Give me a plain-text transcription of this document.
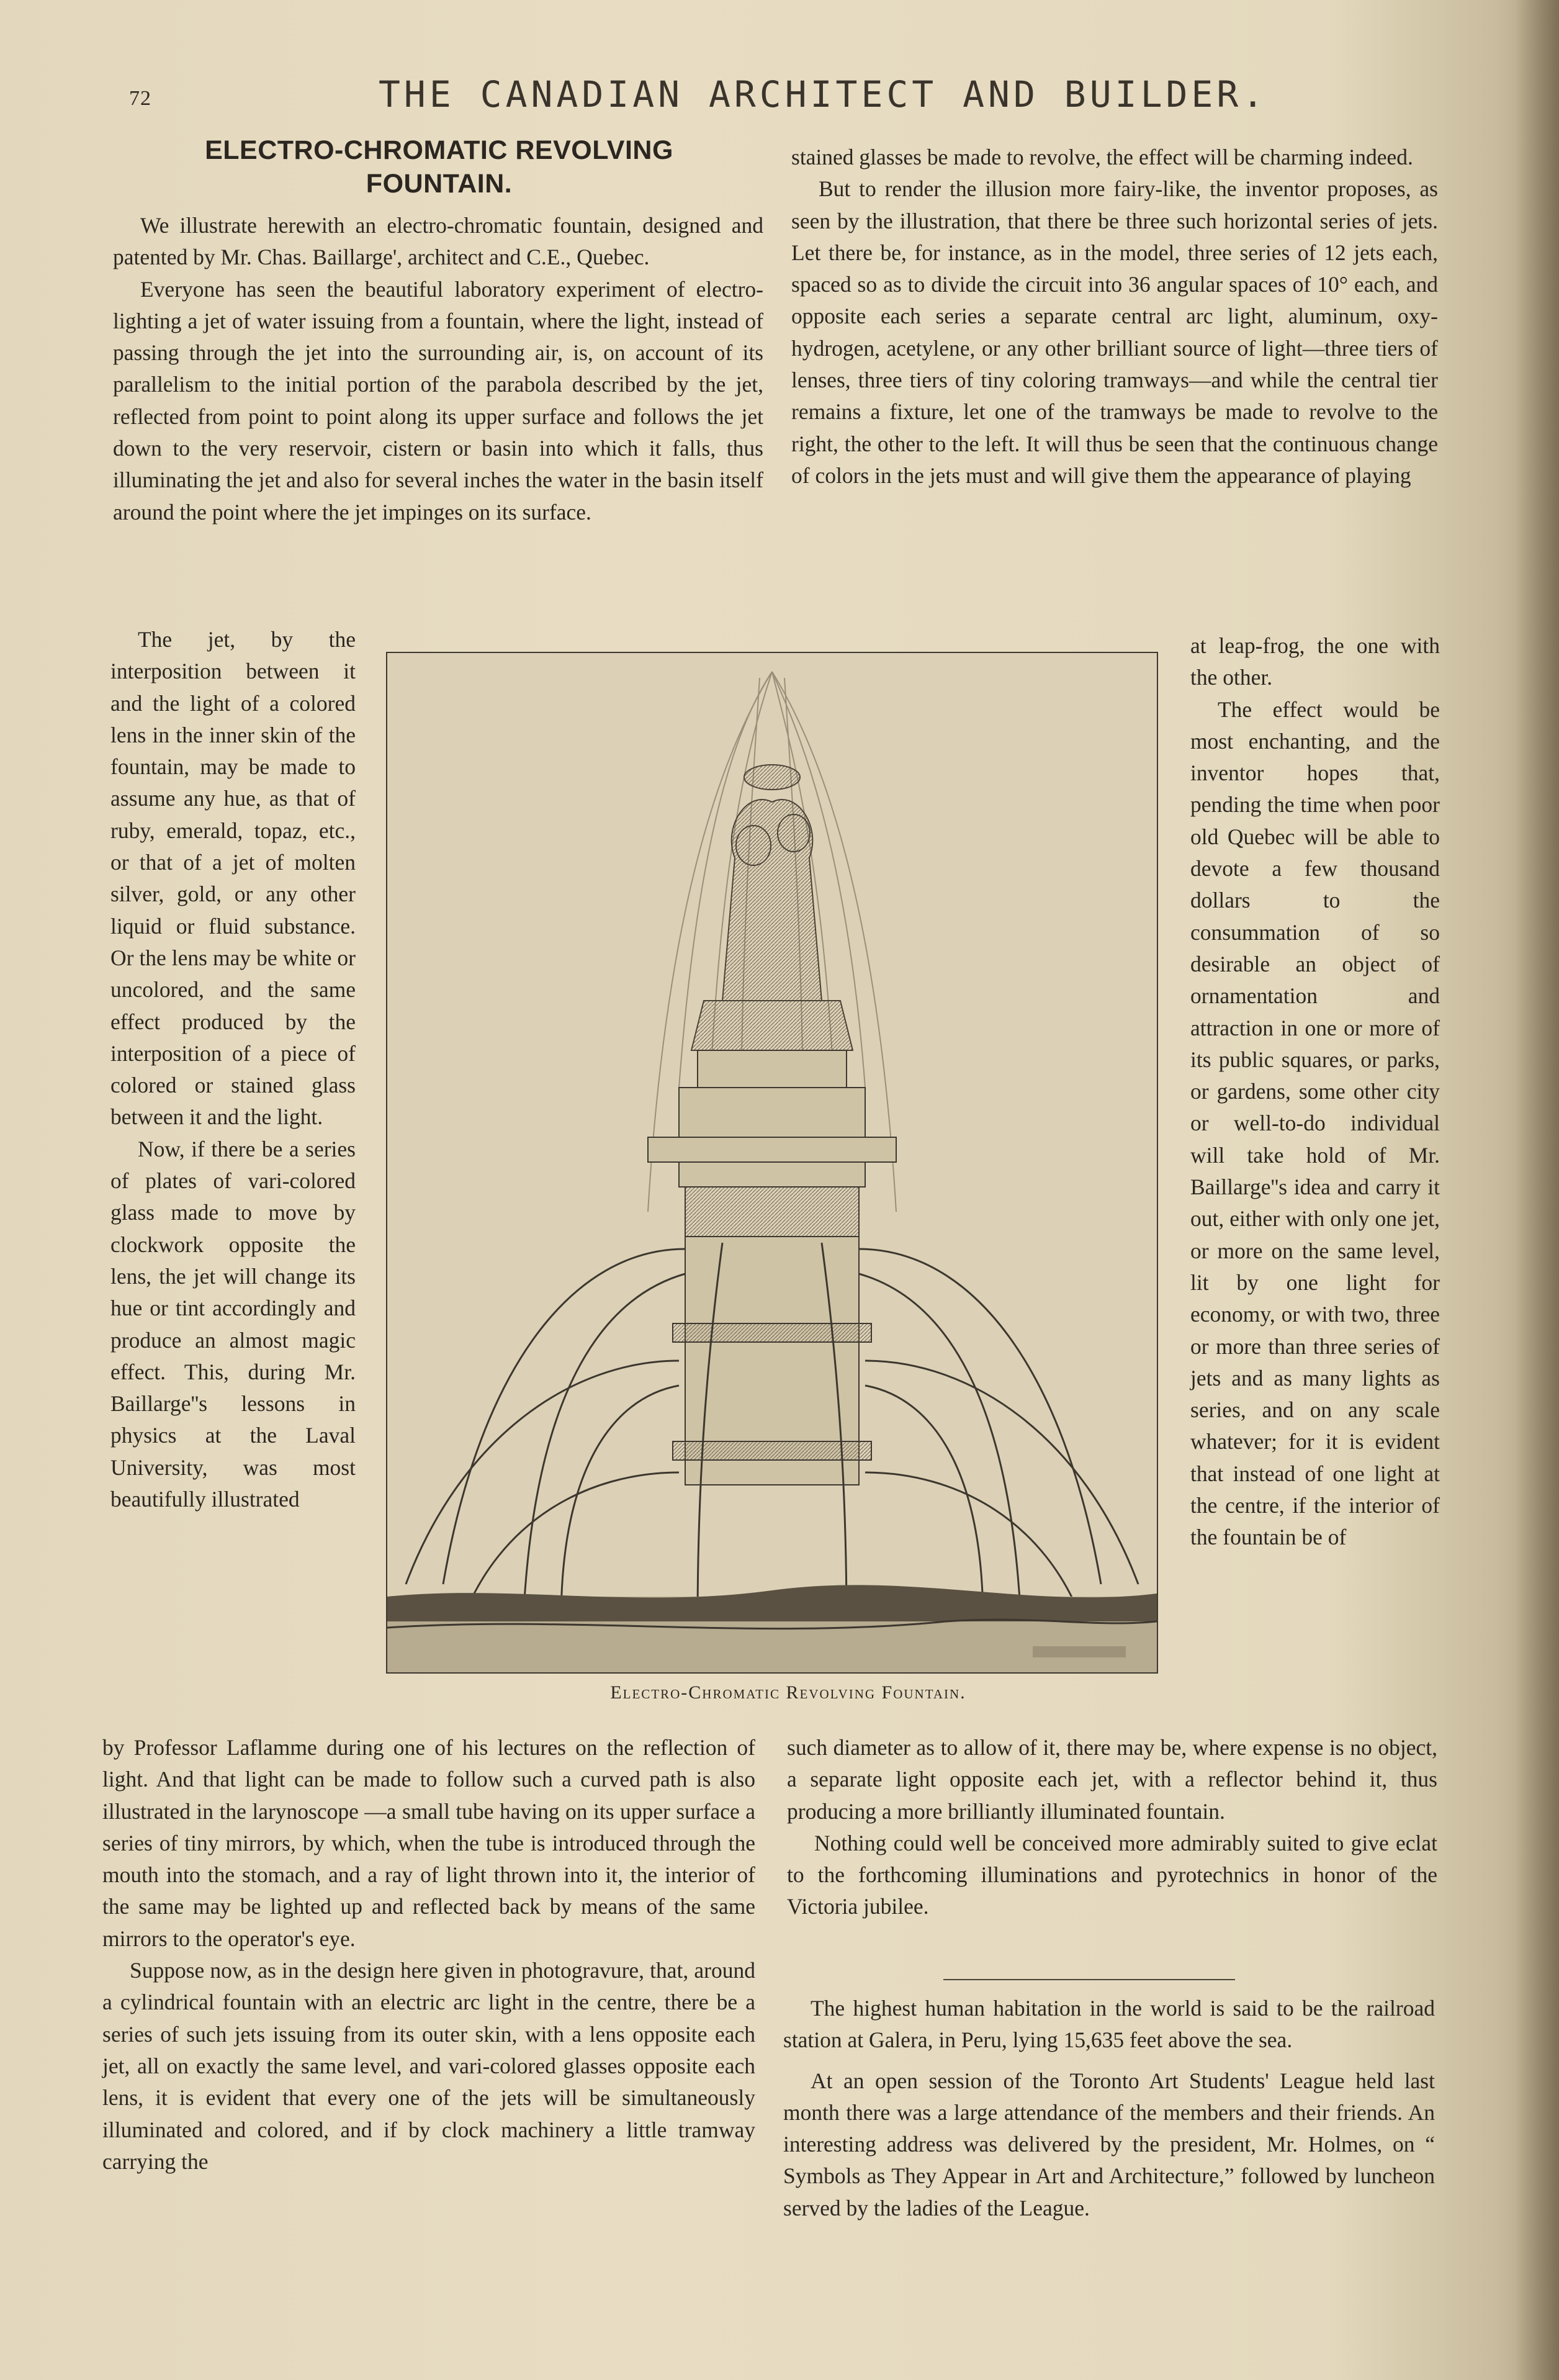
72	THE CANADIAN ARCHITECT AND BUILDER.
ELECTRO-CHROMATIC REVOLVING
FOUNTAIN.

We illustrate herewith an electro-chromatic fountain, designed and patented by Mr. Chas. Baillarge', architect and C.E., Quebec.

Everyone has seen the beautiful laboratory experiment of electro-lighting a jet of water issuing from a fountain, where the light, instead of passing through the jet into the surrounding air, is, on account of its parallelism to the initial portion of the parabola described by the jet, reflected from point to point along its upper surface and follows the jet down to the very reservoir, cistern or basin into which it falls, thus illuminating the jet and also for several inches the water in the basin itself around the point where the jet impinges on its surface.

The jet, by the interposition between it and the light of a colored lens in the inner skin of the fountain, may be made to assume any hue, as that of ruby, emerald, topaz, etc., or that of a jet of molten silver, gold, or any other liquid or fluid substance. Or the lens may be white or uncolored, and the same effect produced by the interposition of a piece of colored or stained glass between it and the light.

Now, if there be a series of plates of vari-colored glass made to move by clockwork opposite the lens, the jet will change its hue or tint accordingly and produce an almost magic effect. This, during Mr. Baillarge''s lessons in physics at the Laval University, was most beautifully illustrated

by Professor Laflamme during one of his lectures on the reflection of light. And that light can be made to follow such a curved path is also illustrated in the larynoscope —a small tube having on its upper surface a series of tiny mirrors, by which, when the tube is introduced through the mouth into the stomach, and a ray of light thrown into it, the interior of the same may be lighted up and reflected back by means of the same mirrors to the operator's eye.

Suppose now, as in the design here given in photogravure, that, around a cylindrical fountain with an electric arc light in the centre, there be a series of such jets issuing from its outer skin, with a lens opposite each jet, all on exactly the same level, and vari-colored glasses opposite each lens, it is evident that every one of the jets will be simultaneously illuminated and colored, and if by clock machinery a little tramway carrying the

stained glasses be made to revolve, the effect will be charming indeed.

But to render the illusion more fairy-like, the inventor proposes, as seen by the illustration, that there be three such horizontal series of jets. Let there be, for instance, as in the model, three series of 12 jets each, spaced so as to divide the circuit into 36 angular spaces of 10° each, and opposite each series a separate central arc light, aluminum, oxy-hydrogen, acetylene, or any other brilliant source of light—three tiers of lenses, three tiers of tiny coloring tramways—and while the central tier remains a fixture, let one of the tramways be made to revolve to the right, the other to the left. It will thus be seen that the continuous change of colors in the jets must and will give them the appearance of playing

at leap-frog, the one with the other.

The effect would be most enchanting, and the inventor hopes that, pending the time when poor old Quebec will be able to devote a few thousand dollars to the consummation of so desirable an object of ornamentation and attraction in one or more of its public squares, or parks, or gardens, some other city or well-to-do individual will take hold of Mr. Baillarge''s idea and carry it out, either with only one jet, or more on the same level, lit by one light for economy, or with two, three or more than three series of jets and as many lights as series, and on any scale whatever; for it is evident that instead of one light at the centre, if the interior of the fountain be of

such diameter as to allow of it, there may be, where expense is no object, a separate light opposite each jet, with a reflector behind it, thus producing a more brilliantly illuminated fountain.

Nothing could well be conceived more admirably suited to give eclat to the forthcoming illuminations and pyrotechnics in honor of the Victoria jubilee.

The highest human habitation in the world is said to be the railroad station at Galera, in Peru, lying 15,635 feet above the sea.

At an open session of the Toronto Art Students' League held last month there was a large attendance of the members and their friends. An interesting address was delivered by the president, Mr. Holmes, on “ Symbols as They Appear in Art and Architecture,” followed by luncheon served by the ladies of the League.

Electro-Chromatic Revolving Fountain.
